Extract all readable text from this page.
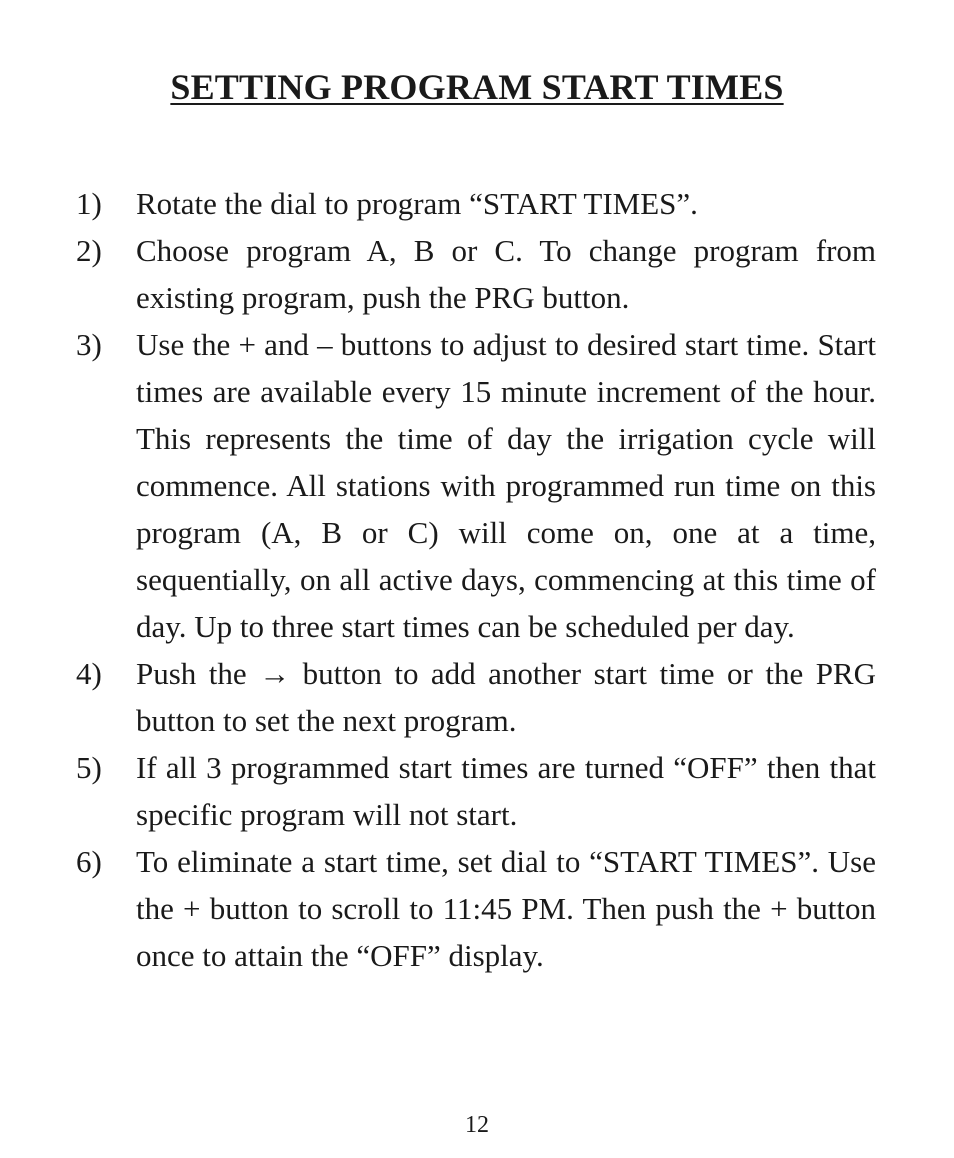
SETTING PROGRAM START TIMES
1)	Rotate the dial to program “START TIMES”.
2)	Choose program A, B or C. To change program from existing program, push the PRG button.
3)	Use the + and – buttons to adjust to desired start time. Start times are available every 15 minute increment of the hour. This represents the time of day the irrigation cycle will commence. All stations with programmed run time on this program (A, B or C) will come on, one at a time, sequentially, on all active days, commencing at this time of day. Up to three start times can be scheduled per day.
4)	Push the → button to add another start time or the PRG button to set the next program.
5)	If all 3 programmed start times are turned “OFF” then that specific program will not start.
6)	To eliminate a start time, set dial to “START TIMES”. Use the + button to scroll to 11:45 PM. Then push the + button once to attain the “OFF” display.
12
